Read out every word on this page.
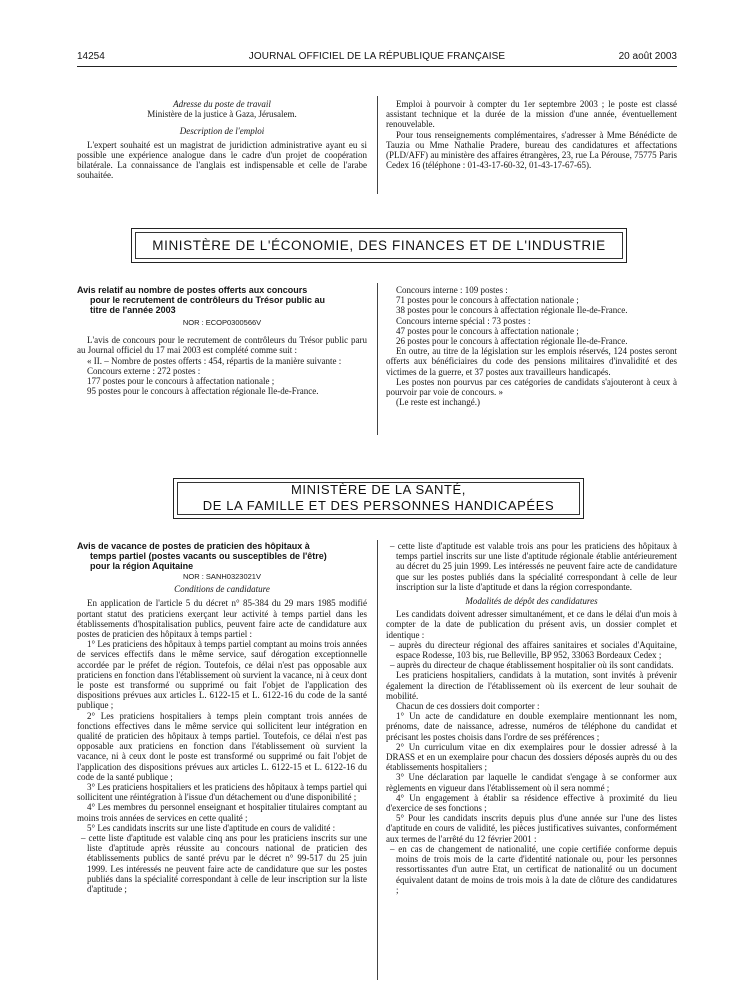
14254	JOURNAL OFFICIEL DE LA RÉPUBLIQUE FRANÇAISE	20 août 2003

Adresse du poste de travail

Ministère de la justice à Gaza, Jérusalem.

Description de l'emploi

L'expert souhaité est un magistrat de juridiction administrative ayant eu si possible une expérience analogue dans le cadre d'un projet de coopération bilatérale. La connaissance de l'anglais est indispensable et celle de l'arabe souhaitée.

Emploi à pourvoir à compter du 1er septembre 2003 ; le poste est classé assistant technique et la durée de la mission d'une année, éventuellement renouvelable.

Pour tous renseignements complémentaires, s'adresser à Mme Bénédicte de Tauzia ou Mme Nathalie Pradere, bureau des candidatures et affectations (PLD/AFF) au ministère des affaires étrangères, 23, rue La Pérouse, 75775 Paris Cedex 16 (téléphone : 01-43-17-60-32, 01-43-17-67-65).

MINISTÈRE DE L'ÉCONOMIE, DES FINANCES ET DE L'INDUSTRIE

Avis relatif au nombre de postes offerts aux concours
pour le recrutement de contrôleurs du Trésor public au
titre de l'année 2003

NOR : ECOP0300566V

L'avis de concours pour le recrutement de contrôleurs du Trésor public paru au Journal officiel du 17 mai 2003 est complété comme suit :

« II. – Nombre de postes offerts : 454, répartis de la manière suivante :

Concours externe : 272 postes :

177 postes pour le concours à affectation nationale ;

95 postes pour le concours à affectation régionale Ile-de-France.

Concours interne : 109 postes :

71 postes pour le concours à affectation nationale ;

38 postes pour le concours à affectation régionale Ile-de-France.

Concours interne spécial : 73 postes :

47 postes pour le concours à affectation nationale ;

26 postes pour le concours à affectation régionale Ile-de-France.

En outre, au titre de la législation sur les emplois réservés, 124 postes seront offerts aux bénéficiaires du code des pensions militaires d'invalidité et des victimes de la guerre, et 37 postes aux travailleurs handicapés.

Les postes non pourvus par ces catégories de candidats s'ajouteront à ceux à pourvoir par voie de concours. »

(Le reste est inchangé.)

MINISTÈRE DE LA SANTÉ,
DE LA FAMILLE ET DES PERSONNES HANDICAPÉES

Avis de vacance de postes de praticien des hôpitaux à
temps partiel (postes vacants ou susceptibles de l'être)
pour la région Aquitaine

NOR : SANH0323021V

Conditions de candidature

En application de l'article 5 du décret n° 85-384 du 29 mars 1985 modifié portant statut des praticiens exerçant leur activité à temps partiel dans les établissements d'hospitalisation publics, peuvent faire acte de candidature aux postes de praticien des hôpitaux à temps partiel :

1° Les praticiens des hôpitaux à temps partiel comptant au moins trois années de services effectifs dans le même service, sauf dérogation exceptionnelle accordée par le préfet de région. Toutefois, ce délai n'est pas opposable aux praticiens en fonction dans l'établissement où survient la vacance, ni à ceux dont le poste est transformé ou supprimé ou fait l'objet de l'application des dispositions prévues aux articles L. 6122-15 et L. 6122-16 du code de la santé publique ;

2° Les praticiens hospitaliers à temps plein comptant trois années de fonctions effectives dans le même service qui sollicitent leur intégration en qualité de praticien des hôpitaux à temps partiel. Toutefois, ce délai n'est pas opposable aux praticiens en fonction dans l'établissement où survient la vacance, ni à ceux dont le poste est transformé ou supprimé ou fait l'objet de l'application des dispositions prévues aux articles L. 6122-15 et L. 6122-16 du code de la santé publique ;

3° Les praticiens hospitaliers et les praticiens des hôpitaux à temps partiel qui sollicitent une réintégration à l'issue d'un détachement ou d'une disponibilité ;

4° Les membres du personnel enseignant et hospitalier titulaires comptant au moins trois années de services en cette qualité ;

5° Les candidats inscrits sur une liste d'aptitude en cours de validité :

– cette liste d'aptitude est valable cinq ans pour les praticiens inscrits sur une liste d'aptitude après réussite au concours national de praticien des établissements publics de santé prévu par le décret n° 99-517 du 25 juin 1999. Les intéressés ne peuvent faire acte de candidature que sur les postes publiés dans la spécialité correspondant à celle de leur inscription sur la liste d'aptitude ;

– cette liste d'aptitude est valable trois ans pour les praticiens des hôpitaux à temps partiel inscrits sur une liste d'aptitude régionale établie antérieurement au décret du 25 juin 1999. Les intéressés ne peuvent faire acte de candidature que sur les postes publiés dans la spécialité correspondant à celle de leur inscription sur la liste d'aptitude et dans la région correspondante.

Modalités de dépôt des candidatures

Les candidats doivent adresser simultanément, et ce dans le délai d'un mois à compter de la date de publication du présent avis, un dossier complet et identique :

– auprès du directeur régional des affaires sanitaires et sociales d'Aquitaine, espace Rodesse, 103 bis, rue Belleville, BP 952, 33063 Bordeaux Cedex ;

– auprès du directeur de chaque établissement hospitalier où ils sont candidats.

Les praticiens hospitaliers, candidats à la mutation, sont invités à prévenir également la direction de l'établissement où ils exercent de leur souhait de mobilité.

Chacun de ces dossiers doit comporter :

1° Un acte de candidature en double exemplaire mentionnant les nom, prénoms, date de naissance, adresse, numéros de téléphone du candidat et précisant les postes choisis dans l'ordre de ses préférences ;

2° Un curriculum vitae en dix exemplaires pour le dossier adressé à la DRASS et en un exemplaire pour chacun des dossiers déposés auprès du ou des établissements hospitaliers ;

3° Une déclaration par laquelle le candidat s'engage à se conformer aux règlements en vigueur dans l'établissement où il sera nommé ;

4° Un engagement à établir sa résidence effective à proximité du lieu d'exercice de ses fonctions ;

5° Pour les candidats inscrits depuis plus d'une année sur l'une des listes d'aptitude en cours de validité, les pièces justificatives suivantes, conformément aux termes de l'arrêté du 12 février 2001 :

– en cas de changement de nationalité, une copie certifiée conforme depuis moins de trois mois de la carte d'identité nationale ou, pour les personnes ressortissantes d'un autre Etat, un certificat de nationalité ou un document équivalent datant de moins de trois mois à la date de clôture des candidatures ;
